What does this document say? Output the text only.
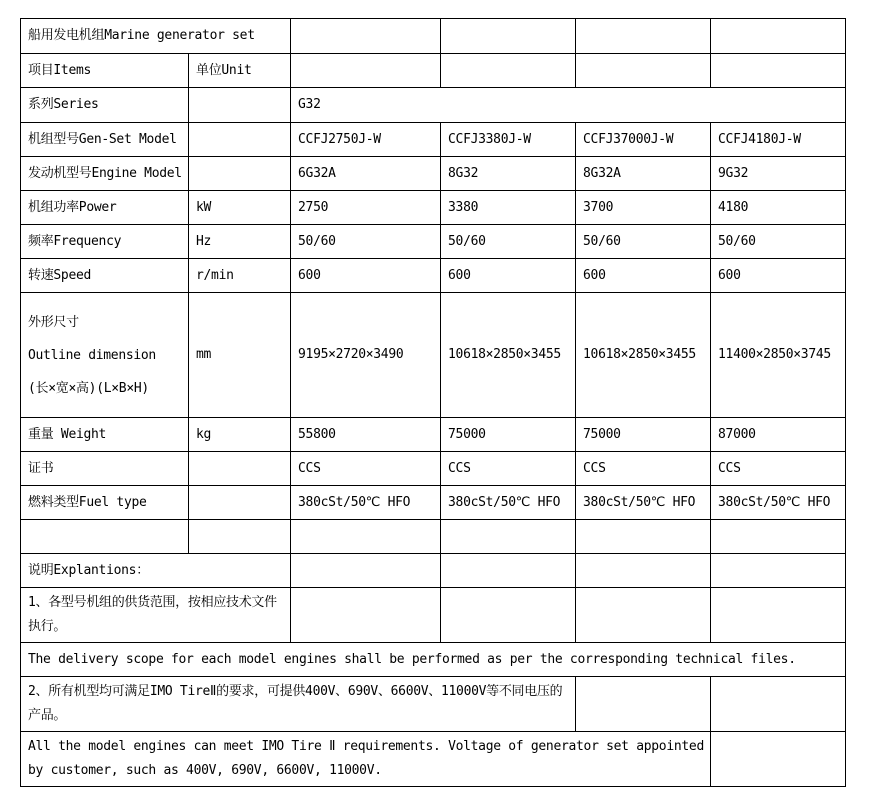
船用发电机组Marine generator set					
项目Items	单位Unit				
系列Series		G32			
机组型号Gen-Set Model		CCFJ2750J-W	CCFJ3380J-W	CCFJ37000J-W	CCFJ4180J-W
发动机型号Engine Model		6G32A	8G32	8G32A	9G32
机组功率Power	kW	2750	3380	3700	4180
频率Frequency	Hz	50/60	50/60	50/60	50/60
转速Speed	r/min	600	600	600	600

外形尺寸
Outline dimension
(长×宽×高)(L×B×H)	mm	9195×2720×3490	10618×2850×3455	10618×2850×3455	11400×2850×3745
重量 Weight	kg	55800	75000	75000	87000
证书		CCS	CCS	CCS	CCS
燃料类型Fuel type		380cSt/50℃ HFO	380cSt/50℃ HFO	380cSt/50℃ HFO	380cSt/50℃ HFO

说明Explantions：					
1、各型号机组的供货范围，按相应技术文件执行。					
The delivery scope for each model engines shall be performed as per the corresponding technical files.					
2、所有机型均可满足IMO TireⅡ的要求，可提供400V、690V、6600V、11000V等不同电压的产品。					
All the model engines can meet IMO Tire Ⅱ requirements. Voltage of generator set appointed by customer, such as 400V, 690V, 6600V, 11000V.					
